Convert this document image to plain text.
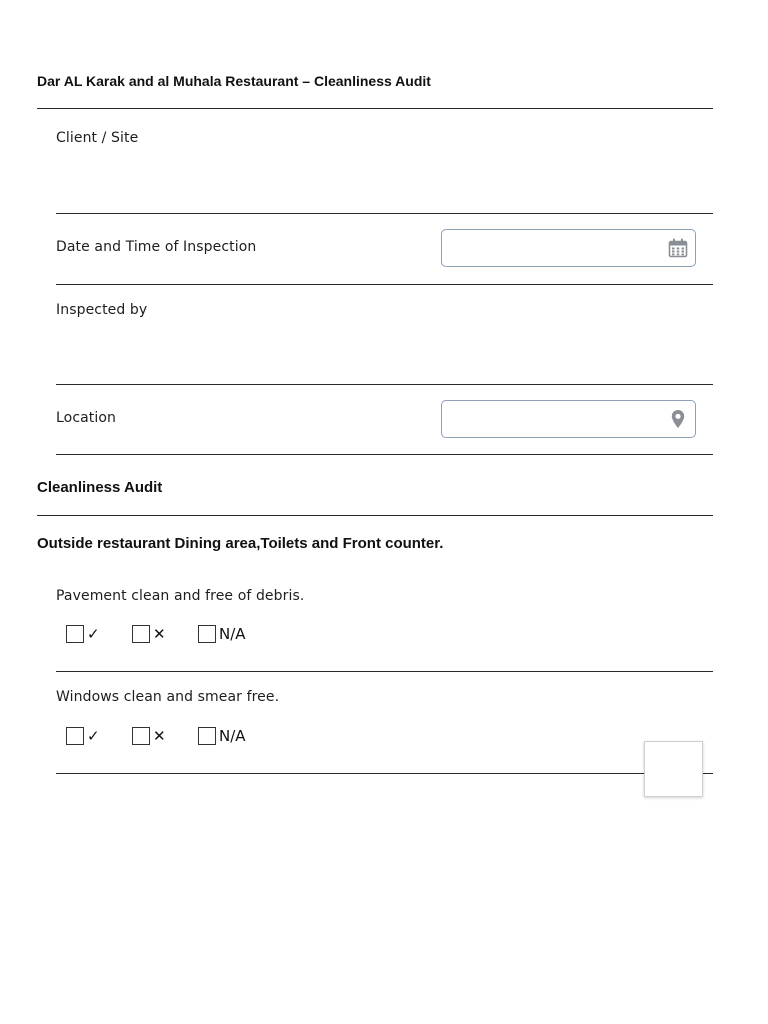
Dar AL Karak and al Muhala Restaurant – Cleanliness Audit
Client / Site
Date and Time of Inspection
Inspected by
Location
Cleanliness Audit
Outside restaurant Dining area,Toilets and Front counter.
Pavement clean and free of debris.
✓	✕	N/A
Windows clean and smear free.
✓	✕	N/A
